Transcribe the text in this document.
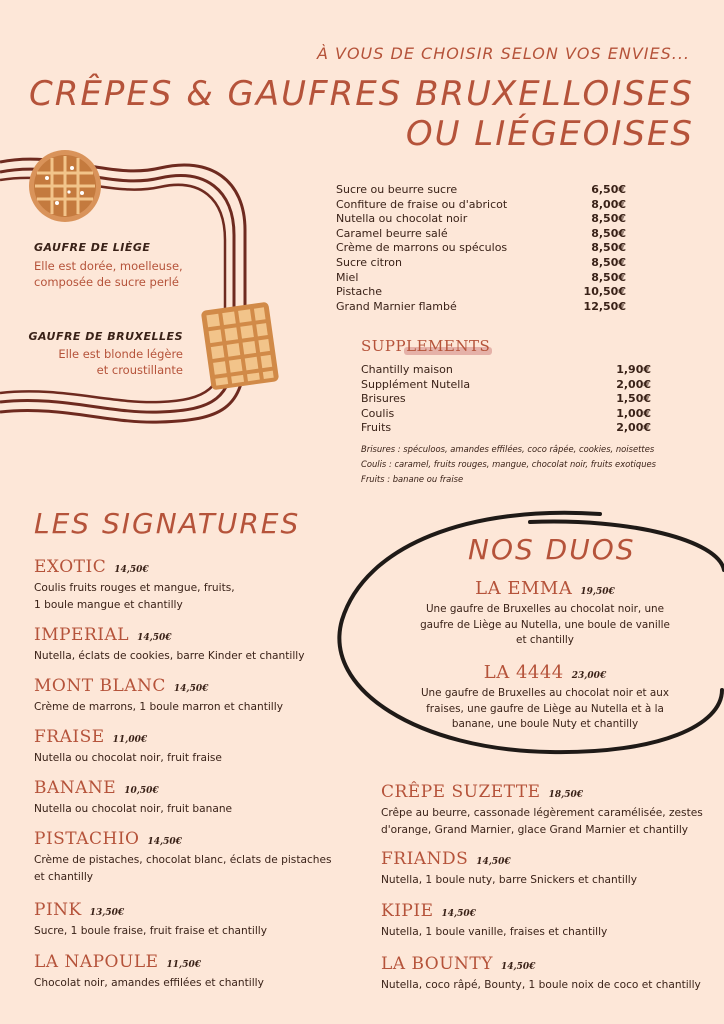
À VOUS DE CHOISIR SELON VOS ENVIES...
CRÊPES & GAUFRES BRUXELLOISES
OU LIÉGEOISES
GAUFRE DE LIÈGE
Elle est dorée, moelleuse,
composée de sucre perlé
GAUFRE DE BRUXELLES
Elle est blonde légère
et croustillante
Sucre ou beurre sucre	6,50€
Confiture de fraise ou d'abricot	8,00€
Nutella ou chocolat noir	8,50€
Caramel beurre salé	8,50€
Crème de marrons ou spéculos	8,50€
Sucre citron	8,50€
Miel	8,50€
Pistache	10,50€
Grand Marnier flambé	12,50€
SUPPLEMENTS
Chantilly maison	1,90€
Supplément Nutella	2,00€
Brisures	1,50€
Coulis	1,00€
Fruits	2,00€
Brisures : spéculoos, amandes effilées, coco râpée, cookies, noisettes
Coulis : caramel, fruits rouges, mangue, chocolat noir, fruits exotiques
Fruits : banane ou fraise
LES SIGNATURES
EXOTIC 14,50€
Coulis fruits rouges et mangue, fruits,
1 boule mangue et chantilly
IMPERIAL 14,50€
Nutella, éclats de cookies, barre Kinder et chantilly
MONT BLANC 14,50€
Crème de marrons, 1 boule marron et chantilly
FRAISE 11,00€
Nutella ou chocolat noir, fruit fraise
BANANE 10,50€
Nutella ou chocolat noir, fruit banane
PISTACHIO 14,50€
Crème de pistaches, chocolat blanc, éclats de pistaches
et chantilly
PINK 13,50€
Sucre, 1 boule fraise, fruit fraise et chantilly
LA NAPOULE 11,50€
Chocolat noir, amandes effilées et chantilly
NOS DUOS
LA EMMA 19,50€
Une gaufre de Bruxelles au chocolat noir, une
gaufre de Liège au Nutella, une boule de vanille
et chantilly
LA 4444 23,00€
Une gaufre de Bruxelles au chocolat noir et aux
fraises, une gaufre de Liège au Nutella et à la
banane, une boule Nuty et chantilly
CRÊPE SUZETTE 18,50€
Crêpe au beurre, cassonade légèrement caramélisée, zestes
d'orange, Grand Marnier, glace Grand Marnier et chantilly
FRIANDS 14,50€
Nutella, 1 boule nuty, barre Snickers et chantilly
KIPIE 14,50€
Nutella, 1 boule vanille, fraises et chantilly
LA BOUNTY 14,50€
Nutella, coco râpé, Bounty, 1 boule noix de coco et chantilly
